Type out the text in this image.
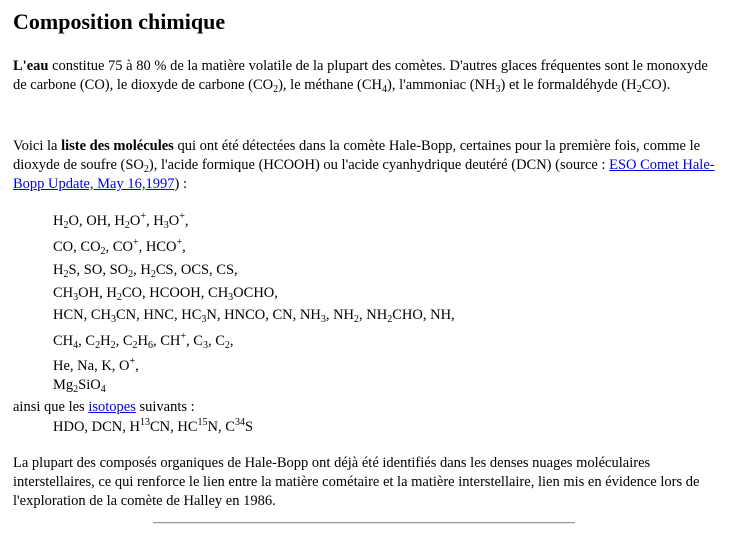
Composition chimique

L'eau constitue 75 à 80 % de la matière volatile de la plupart des comètes. D'autres glaces fréquentes sont le monoxyde de carbone (CO), le dioxyde de carbone $(CO_2)$, le méthane $(CH_4)$, l'ammoniac $(NH_3)$ et le formaldéhyde $(H_2CO)$.

Voici la liste des molécules qui ont été détectées dans la comète Hale-Bopp, certaines pour la première fois, comme le dioxyde de soufre $(SO_2)$, l'acide formique (HCOOH) ou l'acide cyanhydrique deutéré (DCN) (source : ESO Comet Hale-Bopp Update, May 16,1997) :

$H_2O$, OH, $H_2O^+$, $H_3O^+$,
CO, $CO_2$, CO+, HCO+,
$H_2S$, SO, $SO_2$, $H_2CS$, OCS, CS,
$CH_3OH$, $H_2CO$, HCOOH, $CH_3OCHO$,
HCN, $CH_3CN$, HNC, $HC_3N$, HNCO, CN, $NH_3$, $NH_2$, $NH_2CHO$, NH,
$CH_4$, $C_2H_2$, $C_2H_6$, CH+, $C_3$, $C_2$,
He, Na, K, O+,
$Mg_2SiO_4$

ainsi que les isotopes suivants :

HDO, DCN, $H^{13}CN$, HC$^{15}$N, $C^{34}S$

La plupart des composés organiques de Hale-Bopp ont déjà été identifiés dans les denses nuages moléculaires interstellaires, ce qui renforce le lien entre la matière cométaire et la matière interstellaire, lien mis en évidence lors de l'exploration de la comète de Halley en 1986.
